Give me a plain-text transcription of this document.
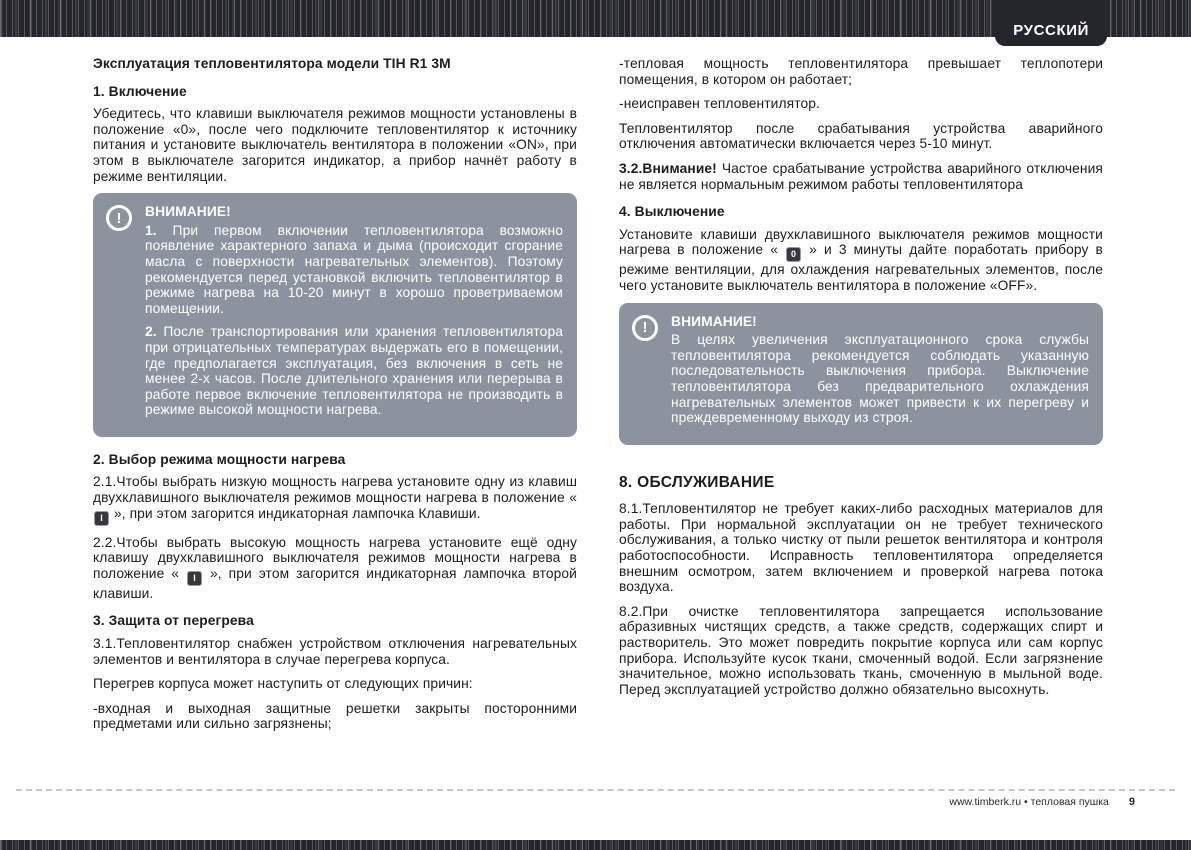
РУССКИЙ
Эксплуатация тепловентилятора модели TIH R1 3M
1. Включение

Убедитесь, что клавиши выключателя режимов мощности установлены в положение «0», после чего подключите тепловентилятор к источнику питания и установите выключатель вентилятора в положении «ON», при этом в выключателе загорится индикатор, а прибор начнёт работу в режиме вентиляции.

! ВНИМАНИЕ!

1. При первом включении тепловентилятора возможно появление характерного запаха и дыма (происходит сгорание масла с поверхности нагревательных элементов). Поэтому рекомендуется перед установкой включить тепловентилятор в режиме нагрева на 10-20 минут в хорошо проветриваемом помещении.

2. После транспортирования или хранения тепловентилятора при отрицательных температурах выдержать его в помещении, где предполагается эксплуатация, без включения в сеть не менее 2-х часов. После длительного хранения или перерыва в работе первое включение тепловентилятора не производить в режиме высокой мощности нагрева.

2. Выбор режима мощности нагрева

2.1.Чтобы выбрать низкую мощность нагрева установите одну из клавиш двухклавишного выключателя режимов мощности нагрева в положение «
I », при этом загорится индикаторная лампочка Клавиши.

2.2.Чтобы выбрать высокую мощность нагрева установите ещё одну клавишу двухклавишного выключателя режимов мощности нагрева в положение « I », при этом загорится индикаторная лампочка второй клавиши.

3. Защита от перегрева

3.1.Тепловентилятор снабжен устройством отключения нагревательных элементов и вентилятора в случае перегрева корпуса.

Перегрев корпуса может наступить от следующих причин:

-входная и выходная защитные решетки закрыты посторонними предметами или сильно загрязнены;

-тепловая мощность тепловентилятора превышает теплопотери помещения, в котором он работает;

-неисправен тепловентилятор.

Тепловентилятор после срабатывания устройства аварийного отключения автоматически включается через 5-10 минут.

3.2.Внимание! Частое срабатывание устройства аварийного отключения не является нормальным режимом работы тепловентилятора

4. Выключение

Установите клавиши двухклавишного выключателя режимов мощности нагрева в положение « 0 » и 3 минуты дайте поработать прибору в режиме вентиляции, для охлаждения нагревательных элементов, после чего установите выключатель вентилятора в положение «OFF».

! ВНИМАНИЕ!

В целях увеличения эксплуатационного срока службы тепловентилятора рекомендуется соблюдать указанную последовательность выключения прибора. Выключение тепловентилятора без предварительного охлаждения нагревательных элементов может привести к их перегреву и преждевременному выходу из строя.

8. ОБСЛУЖИВАНИЕ

8.1.Тепловентилятор не требует каких-либо расходных материалов для работы. При нормальной эксплуатации он не требует технического обслуживания, а только чистку от пыли решеток вентилятора и контроля работоспособности. Исправность тепловентилятора определяется внешним осмотром, затем включением и проверкой нагрева потока воздуха.

8.2.При очистке тепловентилятора запрещается использование абразивных чистящих средств, а также средств, содержащих спирт и растворитель. Это может повредить покрытие корпуса или сам корпус прибора. Используйте кусок ткани, смоченный водой. Если загрязнение значительное, можно использовать ткань, смоченную в мыльной воде. Перед эксплуатацией устройство должно обязательно высохнуть.

www.timberk.ru • тепловая пушка 9
